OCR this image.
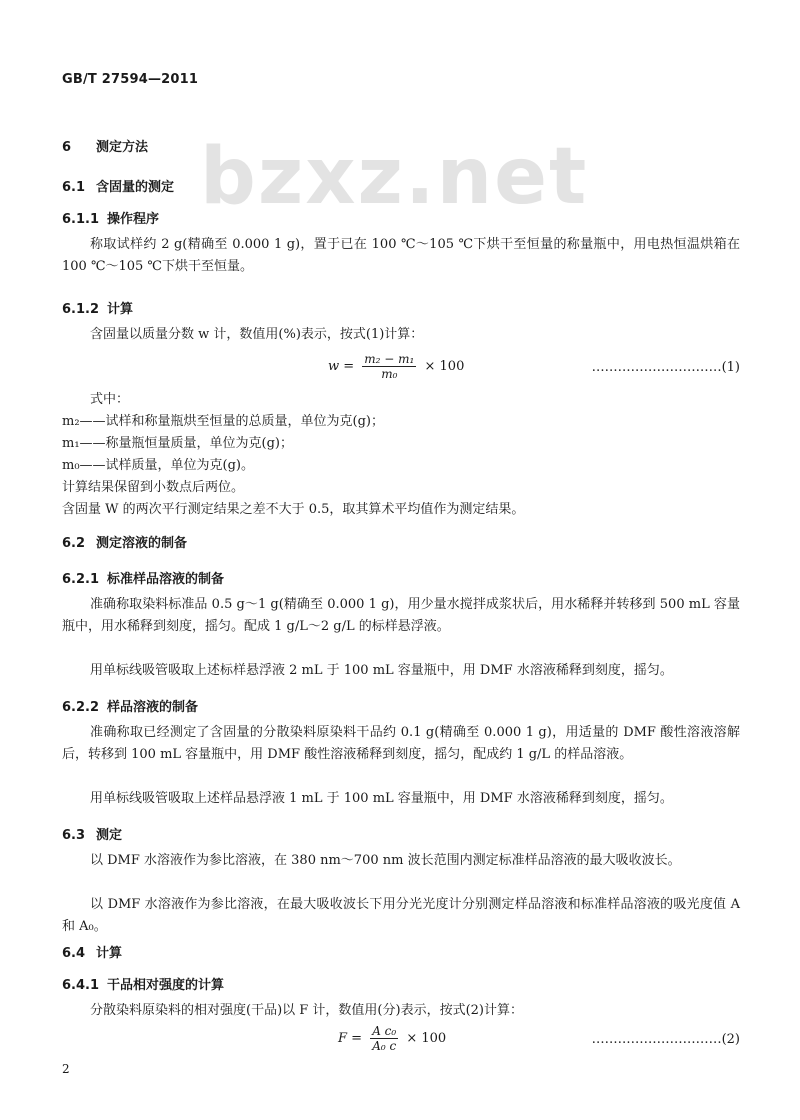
GB/T 27594—2011
bzxz.net
6 测定方法
6.1 含固量的测定
6.1.1 操作程序
称取试样约 2 g(精确至 0.000 1 g)，置于已在 100 ℃～105 ℃下烘干至恒量的称量瓶中，用电热恒温烘箱在 100 ℃～105 ℃下烘干至恒量。
6.1.2 计算
含固量以质量分数 w 计，数值用(%)表示，按式(1)计算：
$w = \frac{\text{m₂ − m₁}}{\text{m₀}} \times 100$	…………………………(1)
式中：
m₂——试样和称量瓶烘至恒量的总质量，单位为克(g)；
m₁——称量瓶恒量质量，单位为克(g)；
m₀——试样质量，单位为克(g)。
计算结果保留到小数点后两位。
含固量 W 的两次平行测定结果之差不大于 0.5，取其算术平均值作为测定结果。
6.2 测定溶液的制备
6.2.1 标准样品溶液的制备
准确称取染料标准品 0.5 g～1 g(精确至 0.000 1 g)，用少量水搅拌成浆状后，用水稀释并转移到 500 mL 容量瓶中，用水稀释到刻度，摇匀。配成 1 g/L～2 g/L 的标样悬浮液。
用单标线吸管吸取上述标样悬浮液 2 mL 于 100 mL 容量瓶中，用 DMF 水溶液稀释到刻度，摇匀。
6.2.2 样品溶液的制备
准确称取已经测定了含固量的分散染料原染料干品约 0.1 g(精确至 0.000 1 g)，用适量的 DMF 酸性溶液溶解后，转移到 100 mL 容量瓶中，用 DMF 酸性溶液稀释到刻度，摇匀，配成约 1 g/L 的样品溶液。
用单标线吸管吸取上述样品悬浮液 1 mL 于 100 mL 容量瓶中，用 DMF 水溶液稀释到刻度，摇匀。
6.3 测定
以 DMF 水溶液作为参比溶液，在 380 nm～700 nm 波长范围内测定标准样品溶液的最大吸收波长。
以 DMF 水溶液作为参比溶液，在最大吸收波长下用分光光度计分别测定样品溶液和标准样品溶液的吸光度值 A 和 A₀。
6.4 计算
6.4.1 干品相对强度的计算
分散染料原染料的相对强度(干品)以 F 计，数值用(分)表示，按式(2)计算：
$F = \frac{\text{A c₀}}{\text{A₀ c}} \times 100$	…………………………(2)
2
